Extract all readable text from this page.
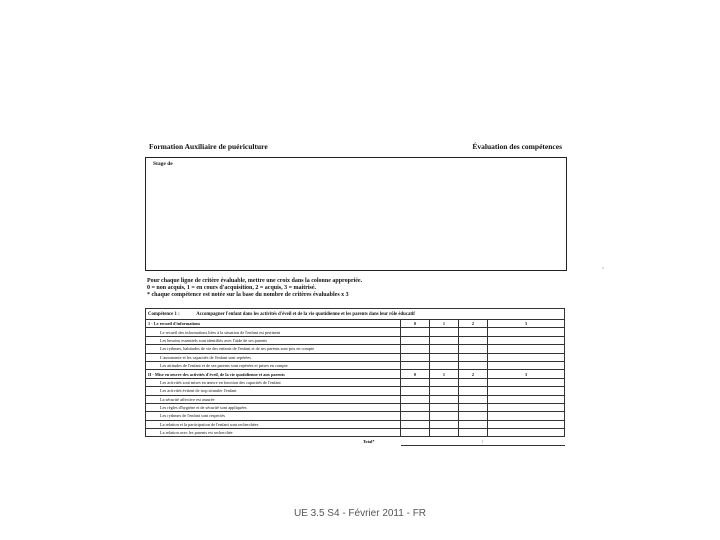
Formation Auxiliaire de puériculture	Évaluation des compétences
Stage de
Pour chaque ligne de critère évaluable, mettre une croix dans la colonne appropriée.
0 = non acquis, 1 = en cours d'acquisition, 2 = acquis, 3 = maitrisé.
* chaque compétence est notée sur la base du nombre de critères évaluables x 3
Compétence 1 : Accompagner l'enfant dans les activités d'éveil et de la vie quotidienne et les parents dans leur rôle éducatif				
1 - Le recueil d'informations	0	1	2	3
Le recueil des informations liées à la situation de l'enfant est pertinent				
Les besoins essentiels sont identifiés avec l'aide de ses parents				
Les rythmes, habitudes de vie des enfants de l'enfant et de ses parents sont pris en compte				
L'autonomie et les capacités de l'enfant sont repérées				
Les attitudes de l'enfant et de ses parents sont repérées et prises en compte				
II - Mise en œuvre des activités d'éveil, de la vie quotidienne et aux parents	0	1	2	3
Les activités sont mises en œuvre en fonction des capacités de l'enfant				
Les activités évitent de trop stimuler l'enfant				
La sécurité affective est assurée				
Les règles d'hygiène et de sécurité sont appliquées				
Les rythmes de l'enfant sont respectés				
La relation et la participation de l'enfant sont recherchées				
La relation avec les parents est recherchée				
Total*	/			
UE 3.5 S4 - Février 2011 - FR
